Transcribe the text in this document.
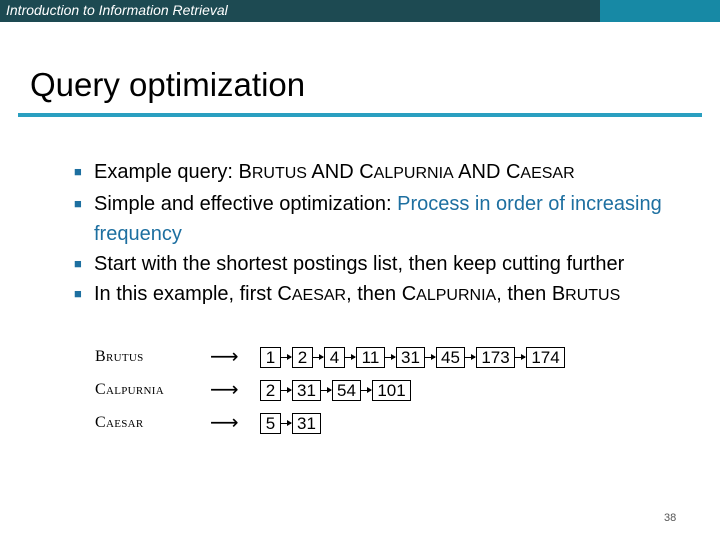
Introduction to Information Retrieval
Query optimization
■ Example query: BRUTUS AND CALPURNIA AND CAESAR
■ Simple and effective optimization: Process in order of increasing frequency
■ Start with the shortest postings list, then keep cutting further
■ In this example, first CAESAR, then CALPURNIA, then BRUTUS
Brutus	⟶	1	2	4	11	31 45	173	174
Calpurnia ⟶	2	31 54	101
Caesar	⟶	5	31
38
